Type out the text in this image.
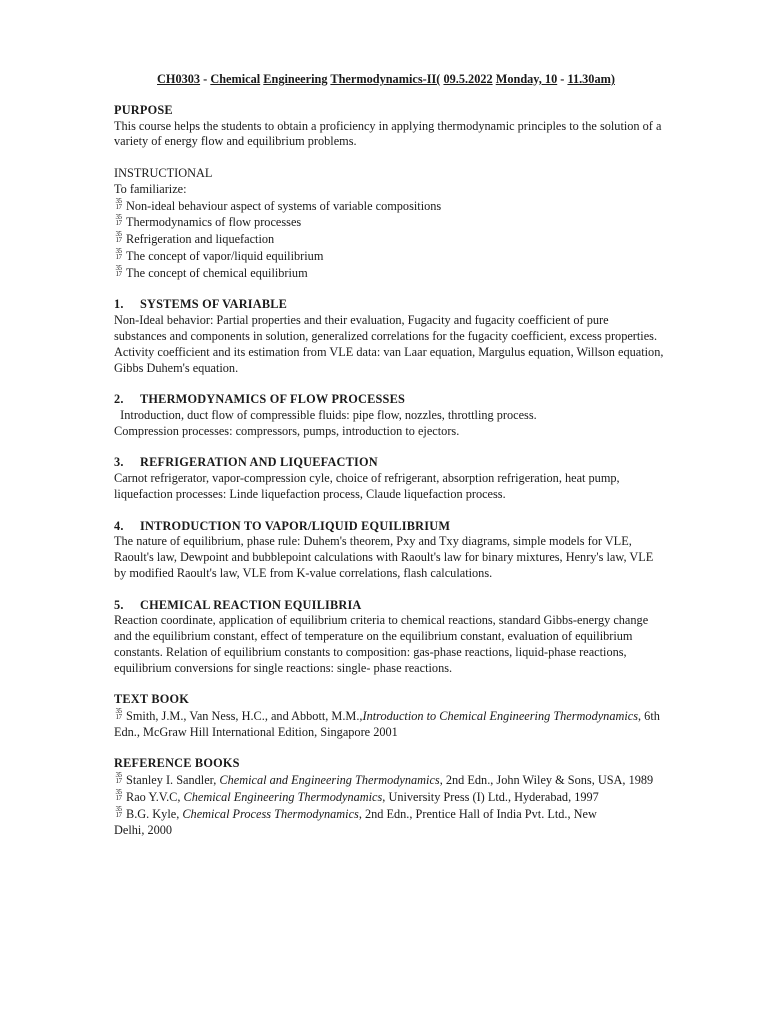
CH0303 - Chemical Engineering Thermodynamics-II( 09.5.2022 Monday, 10 - 11.30am)
PURPOSE
This course helps the students to obtain a proficiency in applying thermodynamic principles to the solution of a variety of energy flow and equilibrium problems.
INSTRUCTIONAL
To familiarize:
35
17 Non-ideal behaviour aspect of systems of variable compositions
35
17 Thermodynamics of flow processes
35
17 Refrigeration and liquefaction
35
17 The concept of vapor/liquid equilibrium
35
17 The concept of chemical equilibrium
1. SYSTEMS OF VARIABLE
Non-Ideal behavior: Partial properties and their evaluation, Fugacity and fugacity coefficient of pure substances and components in solution, generalized correlations for the fugacity coefficient, excess properties.
Activity coefficient and its estimation from VLE data: van Laar equation, Margulus equation, Willson equation, Gibbs Duhem's equation.
2. THERMODYNAMICS OF FLOW PROCESSES
Introduction, duct flow of compressible fluids: pipe flow, nozzles, throttling process.
Compression processes: compressors, pumps, introduction to ejectors.
3. REFRIGERATION AND LIQUEFACTION
Carnot refrigerator, vapor-compression cyle, choice of refrigerant, absorption refrigeration, heat pump, liquefaction processes: Linde liquefaction process, Claude liquefaction process.
4. INTRODUCTION TO VAPOR/LIQUID EQUILIBRIUM
The nature of equilibrium, phase rule: Duhem's theorem, Pxy and Txy diagrams, simple models for VLE, Raoult's law, Dewpoint and bubblepoint calculations with Raoult's law for binary mixtures, Henry's law, VLE by modified Raoult's law, VLE from K-value correlations, flash calculations.
5. CHEMICAL REACTION EQUILIBRIA
Reaction coordinate, application of equilibrium criteria to chemical reactions, standard Gibbs-energy change and the equilibrium constant, effect of temperature on the equilibrium constant, evaluation of equilibrium constants. Relation of equilibrium constants to composition: gas-phase reactions, liquid-phase reactions, equilibrium conversions for single reactions: single- phase reactions.
TEXT BOOK
35
17 Smith, J.M., Van Ness, H.C., and Abbott, M.M.,Introduction to Chemical Engineering Thermodynamics, 6th Edn., McGraw Hill International Edition, Singapore 2001
REFERENCE BOOKS
35
17 Stanley I. Sandler, Chemical and Engineering Thermodynamics, 2nd Edn., John Wiley & Sons, USA, 1989
35
17 Rao Y.V.C, Chemical Engineering Thermodynamics, University Press (I) Ltd., Hyderabad, 1997
35
17 B.G. Kyle, Chemical Process Thermodynamics, 2nd Edn., Prentice Hall of India Pvt. Ltd., New
Delhi, 2000
